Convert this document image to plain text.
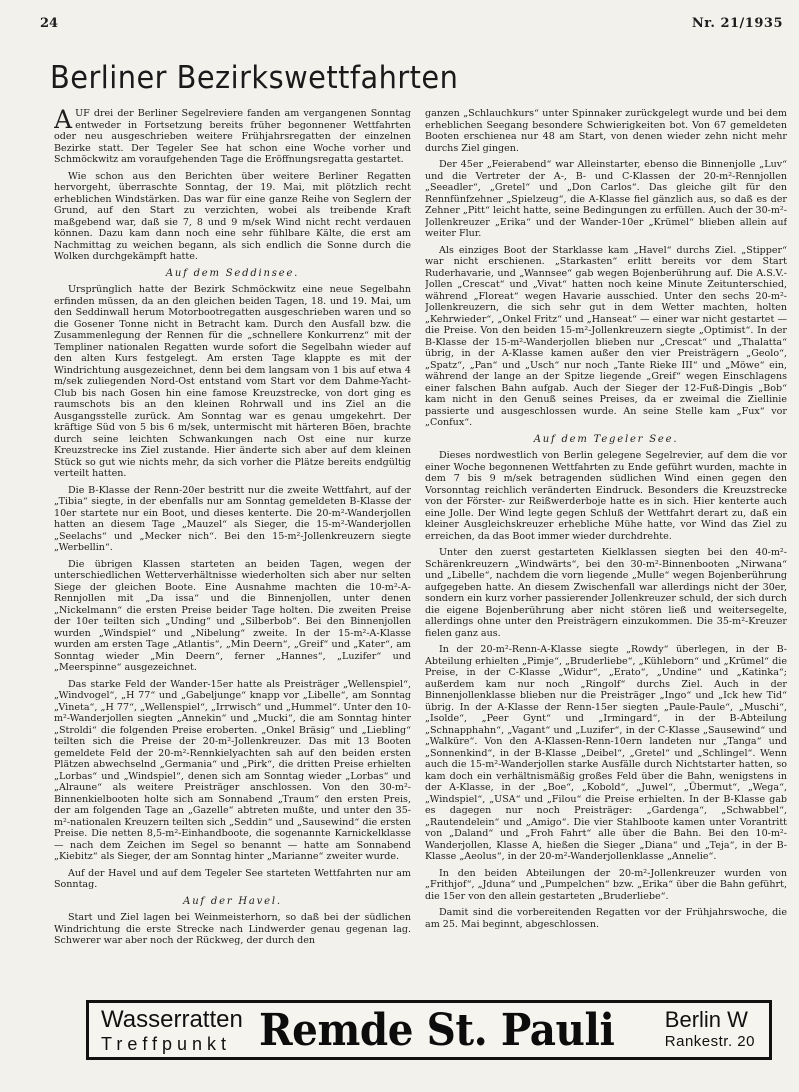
24	Nr. 21/1935
Berliner Bezirkswettfahrten

AUF drei der Berliner Segelreviere fanden am vergangenen Sonntag entweder in Fortsetzung bereits früher begonnener Wettfahrten oder neu ausgeschrieben weitere Frühjahrsregatten der einzelnen Bezirke statt. Der Tegeler See hat schon eine Woche vorher und Schmöckwitz am voraufgehenden Tage die Eröffnungsregatta gestartet.

Wie schon aus den Berichten über weitere Berliner Regatten hervorgeht, überraschte Sonntag, der 19. Mai, mit plötzlich recht erheblichen Windstärken. Das war für eine ganze Reihe von Seglern der Grund, auf den Start zu verzichten, wobei als treibende Kraft maßgebend war, daß sie 7, 8 und 9 m/sek Wind nicht recht verdauen können. Dazu kam dann noch eine sehr fühlbare Kälte, die erst am Nachmittag zu weichen begann, als sich endlich die Sonne durch die Wolken durchgekämpft hatte.

Auf dem Seddinsee.

Ursprünglich hatte der Bezirk Schmöckwitz eine neue Segelbahn erfinden müssen, da an den gleichen beiden Tagen, 18. und 19. Mai, um den Seddinwall herum Motorbootregatten ausgeschrieben waren und so die Gosener Tonne nicht in Betracht kam. Durch den Ausfall bzw. die Zusammenlegung der Rennen für die „schnellere Konkurrenz“ mit der Templiner nationalen Regatten wurde sofort die Segelbahn wieder auf den alten Kurs festgelegt. Am ersten Tage klappte es mit der Windrichtung ausgezeichnet, denn bei dem langsam von 1 bis auf etwa 4 m/sek zuliegenden Nord-Ost entstand vom Start vor dem Dahme-Yacht-Club bis nach Gosen hin eine famose Kreuzstrecke, von dort ging es raumschots bis an den kleinen Rohrwall und ins Ziel an die Ausgangsstelle zurück. Am Sonntag war es genau umgekehrt. Der kräftige Süd von 5 bis 6 m/sek, untermischt mit härteren Böen, brachte durch seine leichten Schwankungen nach Ost eine nur kurze Kreuzstrecke ins Ziel zustande. Hier änderte sich aber auf dem kleinen Stück so gut wie nichts mehr, da sich vorher die Plätze bereits endgültig verteilt hatten.

Die B-Klasse der Renn-20er bestritt nur die zweite Wettfahrt, auf der „Tibia“ siegte, in der ebenfalls nur am Sonntag gemeldeten B-Klasse der 10er startete nur ein Boot, und dieses kenterte. Die 20-m²-Wanderjollen hatten an diesem Tage „Mauzel“ als Sieger, die 15-m²-Wanderjollen „Seelachs“ und „Mecker nich“. Bei den 15-m²-Jollenkreuzern siegte „Werbellin“.

Die übrigen Klassen starteten an beiden Tagen, wegen der unterschiedlichen Wetterverhältnisse wiederholten sich aber nur selten Siege der gleichen Boote. Eine Ausnahme machten die 10-m²-A-Rennjollen mit „Da issa“ und die Binnenjollen, unter denen „Nickelmann“ die ersten Preise beider Tage holten. Die zweiten Preise der 10er teilten sich „Unding“ und „Silberbob“. Bei den Binnenjollen wurden „Windspiel“ und „Nibelung“ zweite. In der 15-m²-A-Klasse wurden am ersten Tage „Atlantis“, „Min Deern“, „Greif“ und „Kater“, am Sonntag wieder „Min Deern“, ferner „Hannes“, „Luzifer“ und „Meerspinne“ ausgezeichnet.

Das starke Feld der Wander-15er hatte als Preisträger „Wellenspiel“, „Windvogel“, „H 77“ und „Gabeljunge“ knapp vor „Libelle“, am Sonntag „Vineta“, „H 77“, „Wellenspiel“, „Irrwisch“ und „Hummel“. Unter den 10-m²-Wanderjollen siegten „Annekin“ und „Mucki“, die am Sonntag hinter „Stroldi“ die folgenden Preise eroberten. „Onkel Bräsig“ und „Liebling“ teilten sich die Preise der 20-m²-Jollenkreuzer. Das mit 13 Booten gemeldete Feld der 20-m²-Rennkielyachten sah auf den beiden ersten Plätzen abwechselnd „Germania“ und „Pirk“, die dritten Preise erhielten „Lorbas“ und „Windspiel“, denen sich am Sonntag wieder „Lorbas“ und „Alraune“ als weitere Preisträger anschlossen. Von den 30-m²-Binnenkielbooten holte sich am Sonnabend „Traum“ den ersten Preis, der am folgenden Tage an „Gazelle“ abtreten mußte, und unter den 35-m²-nationalen Kreuzern teilten sich „Seddin“ und „Sausewind“ die ersten Preise. Die netten 8,5-m²-Einhandboote, die sogenannte Karnickelklasse — nach dem Zeichen im Segel so benannt — hatte am Sonnabend „Kiebitz“ als Sieger, der am Sonntag hinter „Marianne“ zweiter wurde.

Auf der Havel und auf dem Tegeler See starteten Wettfahrten nur am Sonntag.

Auf der Havel.

Start und Ziel lagen bei Weinmeisterhorn, so daß bei der südlichen Windrichtung die erste Strecke nach Lindwerder genau gegenan lag. Schwerer war aber noch der Rückweg, der durch den

ganzen „Schlauchkurs“ unter Spinnaker zurückgelegt wurde und bei dem erheblichen Seegang besondere Schwierigkeiten bot. Von 67 gemeldeten Booten erschienea nur 48 am Start, von denen wieder zehn nicht mehr durchs Ziel gingen.

Der 45er „Feierabend“ war Alleinstarter, ebenso die Binnenjolle „Luv“ und die Vertreter der A-, B- und C-Klassen der 20-m²-Rennjollen „Seeadler“, „Gretel“ und „Don Carlos“. Das gleiche gilt für den Rennfünfzehner „Spielzeug“, die A-Klasse fiel gänzlich aus, so daß es der Zehner „Pitt“ leicht hatte, seine Bedingungen zu erfüllen. Auch der 30-m²-Jollenkreuzer „Erika“ und der Wander-10er „Krümel“ blieben allein auf weiter Flur.

Als einziges Boot der Starklasse kam „Havel“ durchs Ziel. „Stipper“ war nicht erschienen. „Starkasten“ erlitt bereits vor dem Start Ruderhavarie, und „Wannsee“ gab wegen Bojenberührung auf. Die A.S.V.-Jollen „Crescat“ und „Vivat“ hatten noch keine Minute Zeitunterschied, während „Floreat“ wegen Havarie ausschied. Unter den sechs 20-m²-Jollenkreuzern, die sich sehr gut in dem Wetter machten, holten „Kehrwieder“, „Onkel Fritz“ und „Hanseat“ — einer war nicht gestartet — die Preise. Von den beiden 15-m²-Jollenkreuzern siegte „Optimist“. In der B-Klasse der 15-m²-Wanderjollen blieben nur „Crescat“ und „Thalatta“ übrig, in der A-Klasse kamen außer den vier Preisträgern „Geolo“, „Spatz“, „Pan“ und „Usch“ nur noch „Tante Rieke III“ und „Möwe“ ein, während der lange an der Spitze liegende „Greif“ wegen Einschlagens einer falschen Bahn aufgab. Auch der Sieger der 12-Fuß-Dingis „Bob“ kam nicht in den Genuß seines Preises, da er zweimal die Ziellinie passierte und ausgeschlossen wurde. An seine Stelle kam „Fux“ vor „Confux“.

Auf dem Tegeler See.

Dieses nordwestlich von Berlin gelegene Segelrevier, auf dem die vor einer Woche begonnenen Wettfahrten zu Ende geführt wurden, machte in dem 7 bis 9 m/sek betragenden südlichen Wind einen gegen den Vorsonntag reichlich veränderten Eindruck. Besonders die Kreuzstrecke von der Förster- zur Reißwerderboje hatte es in sich. Hier kenterte auch eine Jolle. Der Wind legte gegen Schluß der Wettfahrt derart zu, daß ein kleiner Ausgleichskreuzer erhebliche Mühe hatte, vor Wind das Ziel zu erreichen, da das Boot immer wieder durchdrehte.

Unter den zuerst gestarteten Kielklassen siegten bei den 40-m²-Schärenkreuzern „Windwärts“, bei den 30-m²-Binnenbooten „Nirwana“ und „Libelle“, nachdem die vorn liegende „Mulle“ wegen Bojenberührung aufgegeben hatte. An diesem Zwischenfall war allerdings nicht der 30er, sondern ein kurz vorher passierender Jollenkreuzer schuld, der sich durch die eigene Bojenberührung aber nicht stören ließ und weitersegelte, allerdings ohne unter den Preisträgern einzukommen. Die 35-m²-Kreuzer fielen ganz aus.

In der 20-m²-Renn-A-Klasse siegte „Rowdy“ überlegen, in der B-Abteilung erhielten „Pimje“, „Bruderliebe“, „Kühleborn“ und „Krümel“ die Preise, in der C-Klasse „Widur“, „Erato“, „Undine“ und „Katinka“; außerdem kam nur noch „Ringolf“ durchs Ziel. Auch in der Binnenjollenklasse blieben nur die Preisträger „Ingo“ und „Ick hew Tid“ übrig. In der A-Klasse der Renn-15er siegten „Paule-Paule“, „Muschi“, „Isolde“, „Peer Gynt“ und „Irmingard“, in der B-Abteilung „Schnapphahn“, „Vagant“ und „Luzifer“, in der C-Klasse „Sausewind“ und „Walküre“. Von den A-Klassen-Renn-10ern landeten nur „Tanga“ und „Sonnenkind“, in der B-Klasse „Deibel“, „Gretel“ und „Schlingel“. Wenn auch die 15-m²-Wanderjollen starke Ausfälle durch Nichtstarter hatten, so kam doch ein verhältnismäßig großes Feld über die Bahn, wenigstens in der A-Klasse, in der „Boe“, „Kobold“, „Juwel“, „Übermut“, „Wega“, „Windspiel“, „USA“ und „Filou“ die Preise erhielten. In der B-Klasse gab es dagegen nur noch Preisträger: „Gardenga“, „Schwabbel“, „Rautendelein“ und „Amigo“. Die vier Stahlboote kamen unter Vorantritt von „Daland“ und „Froh Fahrt“ alle über die Bahn. Bei den 10-m²-Wanderjollen, Klasse A, hießen die Sieger „Diana“ und „Teja“, in der B-Klasse „Aeolus“, in der 20-m²-Wanderjollenklasse „Annelie“.

In den beiden Abteilungen der 20-m²-Jollenkreuzer wurden von „Frithjof“, „Jduna“ und „Pumpelchen“ bzw. „Erika“ über die Bahn geführt, die 15er von den allein gestarteten „Bruderliebe“.

Damit sind die vorbereitenden Regatten vor der Frühjahrswoche, die am 25. Mai beginnt, abgeschlossen.

Wasserratten
Treffpunkt Remde St. Pauli Berlin W
Rankestr. 20
